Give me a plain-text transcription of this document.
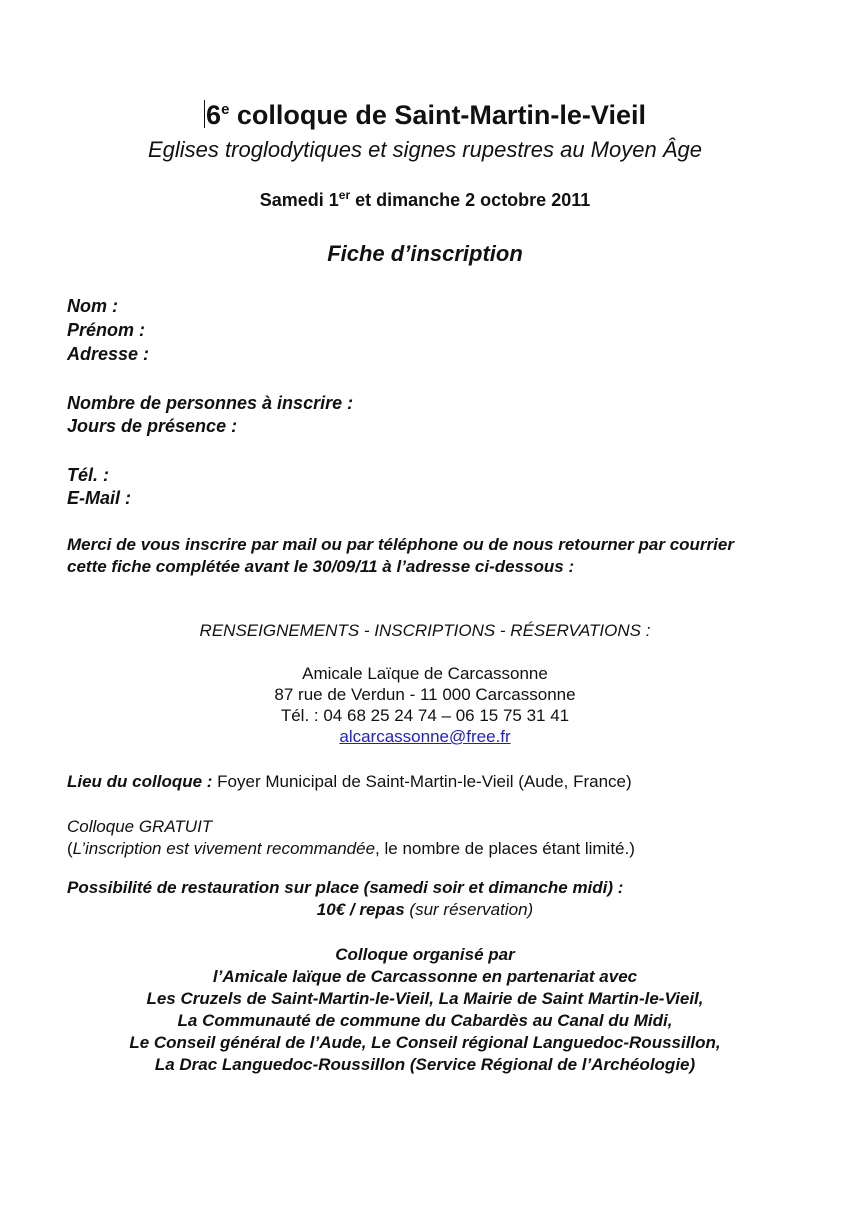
6e colloque de Saint-Martin-le-Vieil
Eglises troglodytiques et signes rupestres au Moyen Âge
Samedi 1er et dimanche 2 octobre 2011
Fiche d’inscription
Nom :
Prénom :
Adresse :
Nombre de personnes à inscrire :
Jours de présence :
Tél. :
E-Mail :
Merci de vous inscrire par mail ou par téléphone ou de nous retourner par courrier
cette fiche complétée avant le 30/09/11 à l’adresse ci-dessous :
RENSEIGNEMENTS - INSCRIPTIONS - RÉSERVATIONS :
Amicale Laïque de Carcassonne
87 rue de Verdun - 11 000 Carcassonne
Tél. : 04 68 25 24 74 – 06 15 75 31 41
alcarcassonne@free.fr
Lieu du colloque : Foyer Municipal de Saint-Martin-le-Vieil (Aude, France)
Colloque GRATUIT
(L’inscription est vivement recommandée, le nombre de places étant limité.)
Possibilité de restauration sur place (samedi soir et dimanche midi) :
10€ / repas (sur réservation)
Colloque organisé par
l’Amicale laïque de Carcassonne en partenariat avec
Les Cruzels de Saint-Martin-le-Vieil, La Mairie de Saint Martin-le-Vieil,
La Communauté de commune du Cabardès au Canal du Midi,
Le Conseil général de l’Aude, Le Conseil régional Languedoc-Roussillon,
La Drac Languedoc-Roussillon (Service Régional de l’Archéologie)
